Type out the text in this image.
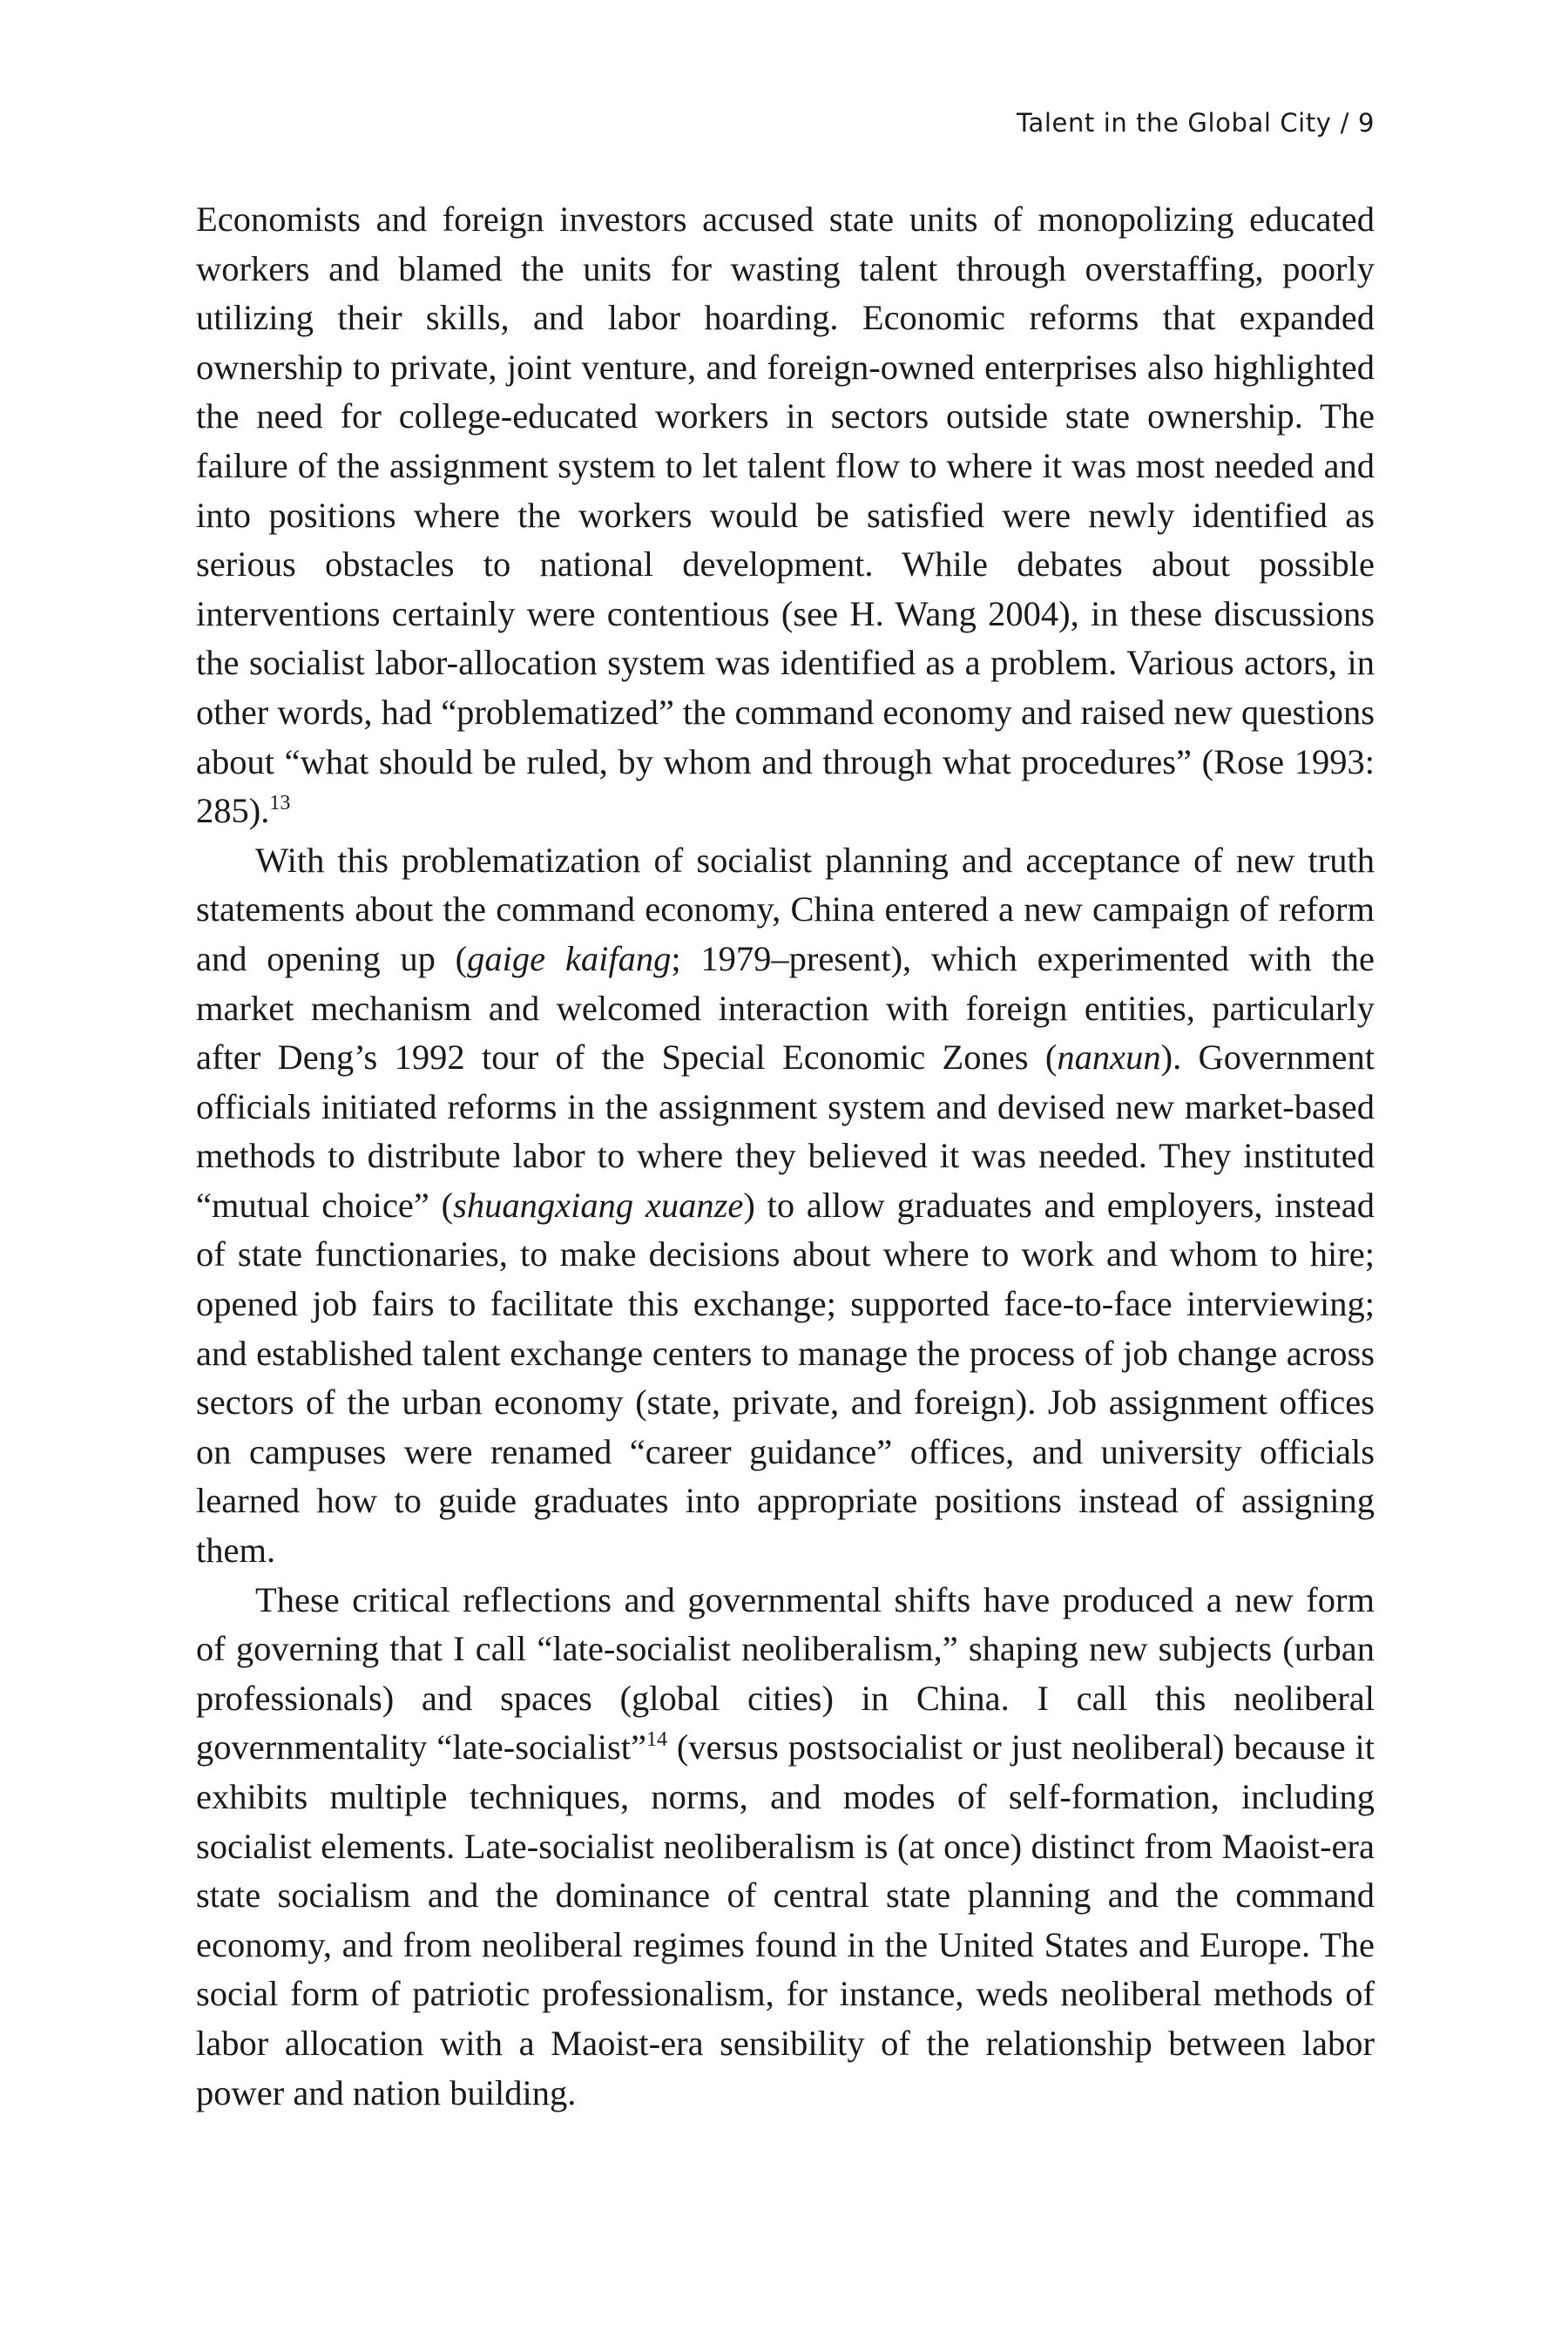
Talent in the Global City / 9

Economists and foreign investors accused state units of monopolizing educated workers and blamed the units for wasting talent through overstaffing, poorly utilizing their skills, and labor hoarding. Economic reforms that expanded ownership to private, joint venture, and foreign-owned enterprises also highlighted the need for college-educated workers in sectors outside state ownership. The failure of the assignment system to let talent flow to where it was most needed and into positions where the workers would be satisfied were newly identified as serious obstacles to national development. While debates about possible interventions certainly were contentious (see H. Wang 2004), in these discussions the socialist labor-allocation system was identified as a problem. Various actors, in other words, had “problematized” the command economy and raised new questions about “what should be ruled, by whom and through what procedures” (Rose 1993: 285).$^{13}$

With this problematization of socialist planning and acceptance of new truth statements about the command economy, China entered a new campaign of reform and opening up (gaige kaifang; 1979–present), which experimented with the market mechanism and welcomed interaction with foreign entities, particularly after Deng’s 1992 tour of the Special Economic Zones (nanxun). Government officials initiated reforms in the assignment system and devised new market-based methods to distribute labor to where they believed it was needed. They instituted “mutual choice” (shuangxiang xuanze) to allow graduates and employers, instead of state functionaries, to make decisions about where to work and whom to hire; opened job fairs to facilitate this exchange; supported face-to-face interviewing; and established talent exchange centers to manage the process of job change across sectors of the urban economy (state, private, and foreign). Job assignment offices on campuses were renamed “career guidance” offices, and university officials learned how to guide graduates into appropriate positions instead of assigning them.

These critical reflections and governmental shifts have produced a new form of governing that I call “late-socialist neoliberalism,” shaping new subjects (urban professionals) and spaces (global cities) in China. I call this neoliberal governmentality “late-socialist”$^{14}$ (versus postsocialist or just neoliberal) because it exhibits multiple techniques, norms, and modes of self-formation, including socialist elements. Late-socialist neoliberalism is (at once) distinct from Maoist-era state socialism and the dominance of central state planning and the command economy, and from neoliberal regimes found in the United States and Europe. The social form of patriotic professionalism, for instance, weds neoliberal methods of labor allocation with a Maoist-era sensibility of the relationship between labor power and nation building.
